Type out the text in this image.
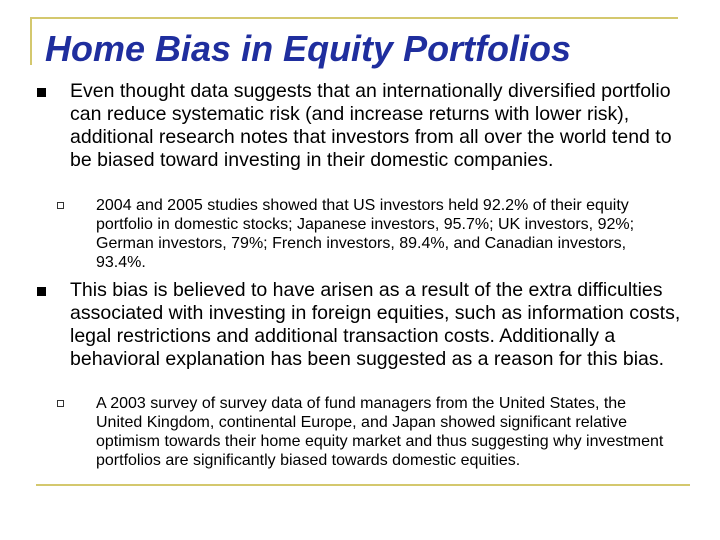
Home Bias in Equity Portfolios

Even thought data suggests that an internationally diversified portfolio can reduce systematic risk (and increase returns with lower risk), additional research notes that investors from all over the world tend to be biased toward investing in their domestic companies.

2004 and 2005 studies showed that US investors held 92.2% of their equity portfolio in domestic stocks; Japanese investors, 95.7%; UK investors, 92%; German investors, 79%; French investors, 89.4%, and Canadian investors, 93.4%.

This bias is believed to have arisen as a result of the extra difficulties associated with investing in foreign equities, such as information costs, legal restrictions and additional transaction costs. Additionally a behavioral explanation has been suggested as a reason for this bias.

A 2003 survey of survey data of fund managers from the United States, the United Kingdom, continental Europe, and Japan showed significant relative optimism towards their home equity market and thus suggesting why investment portfolios are significantly biased towards domestic equities.
